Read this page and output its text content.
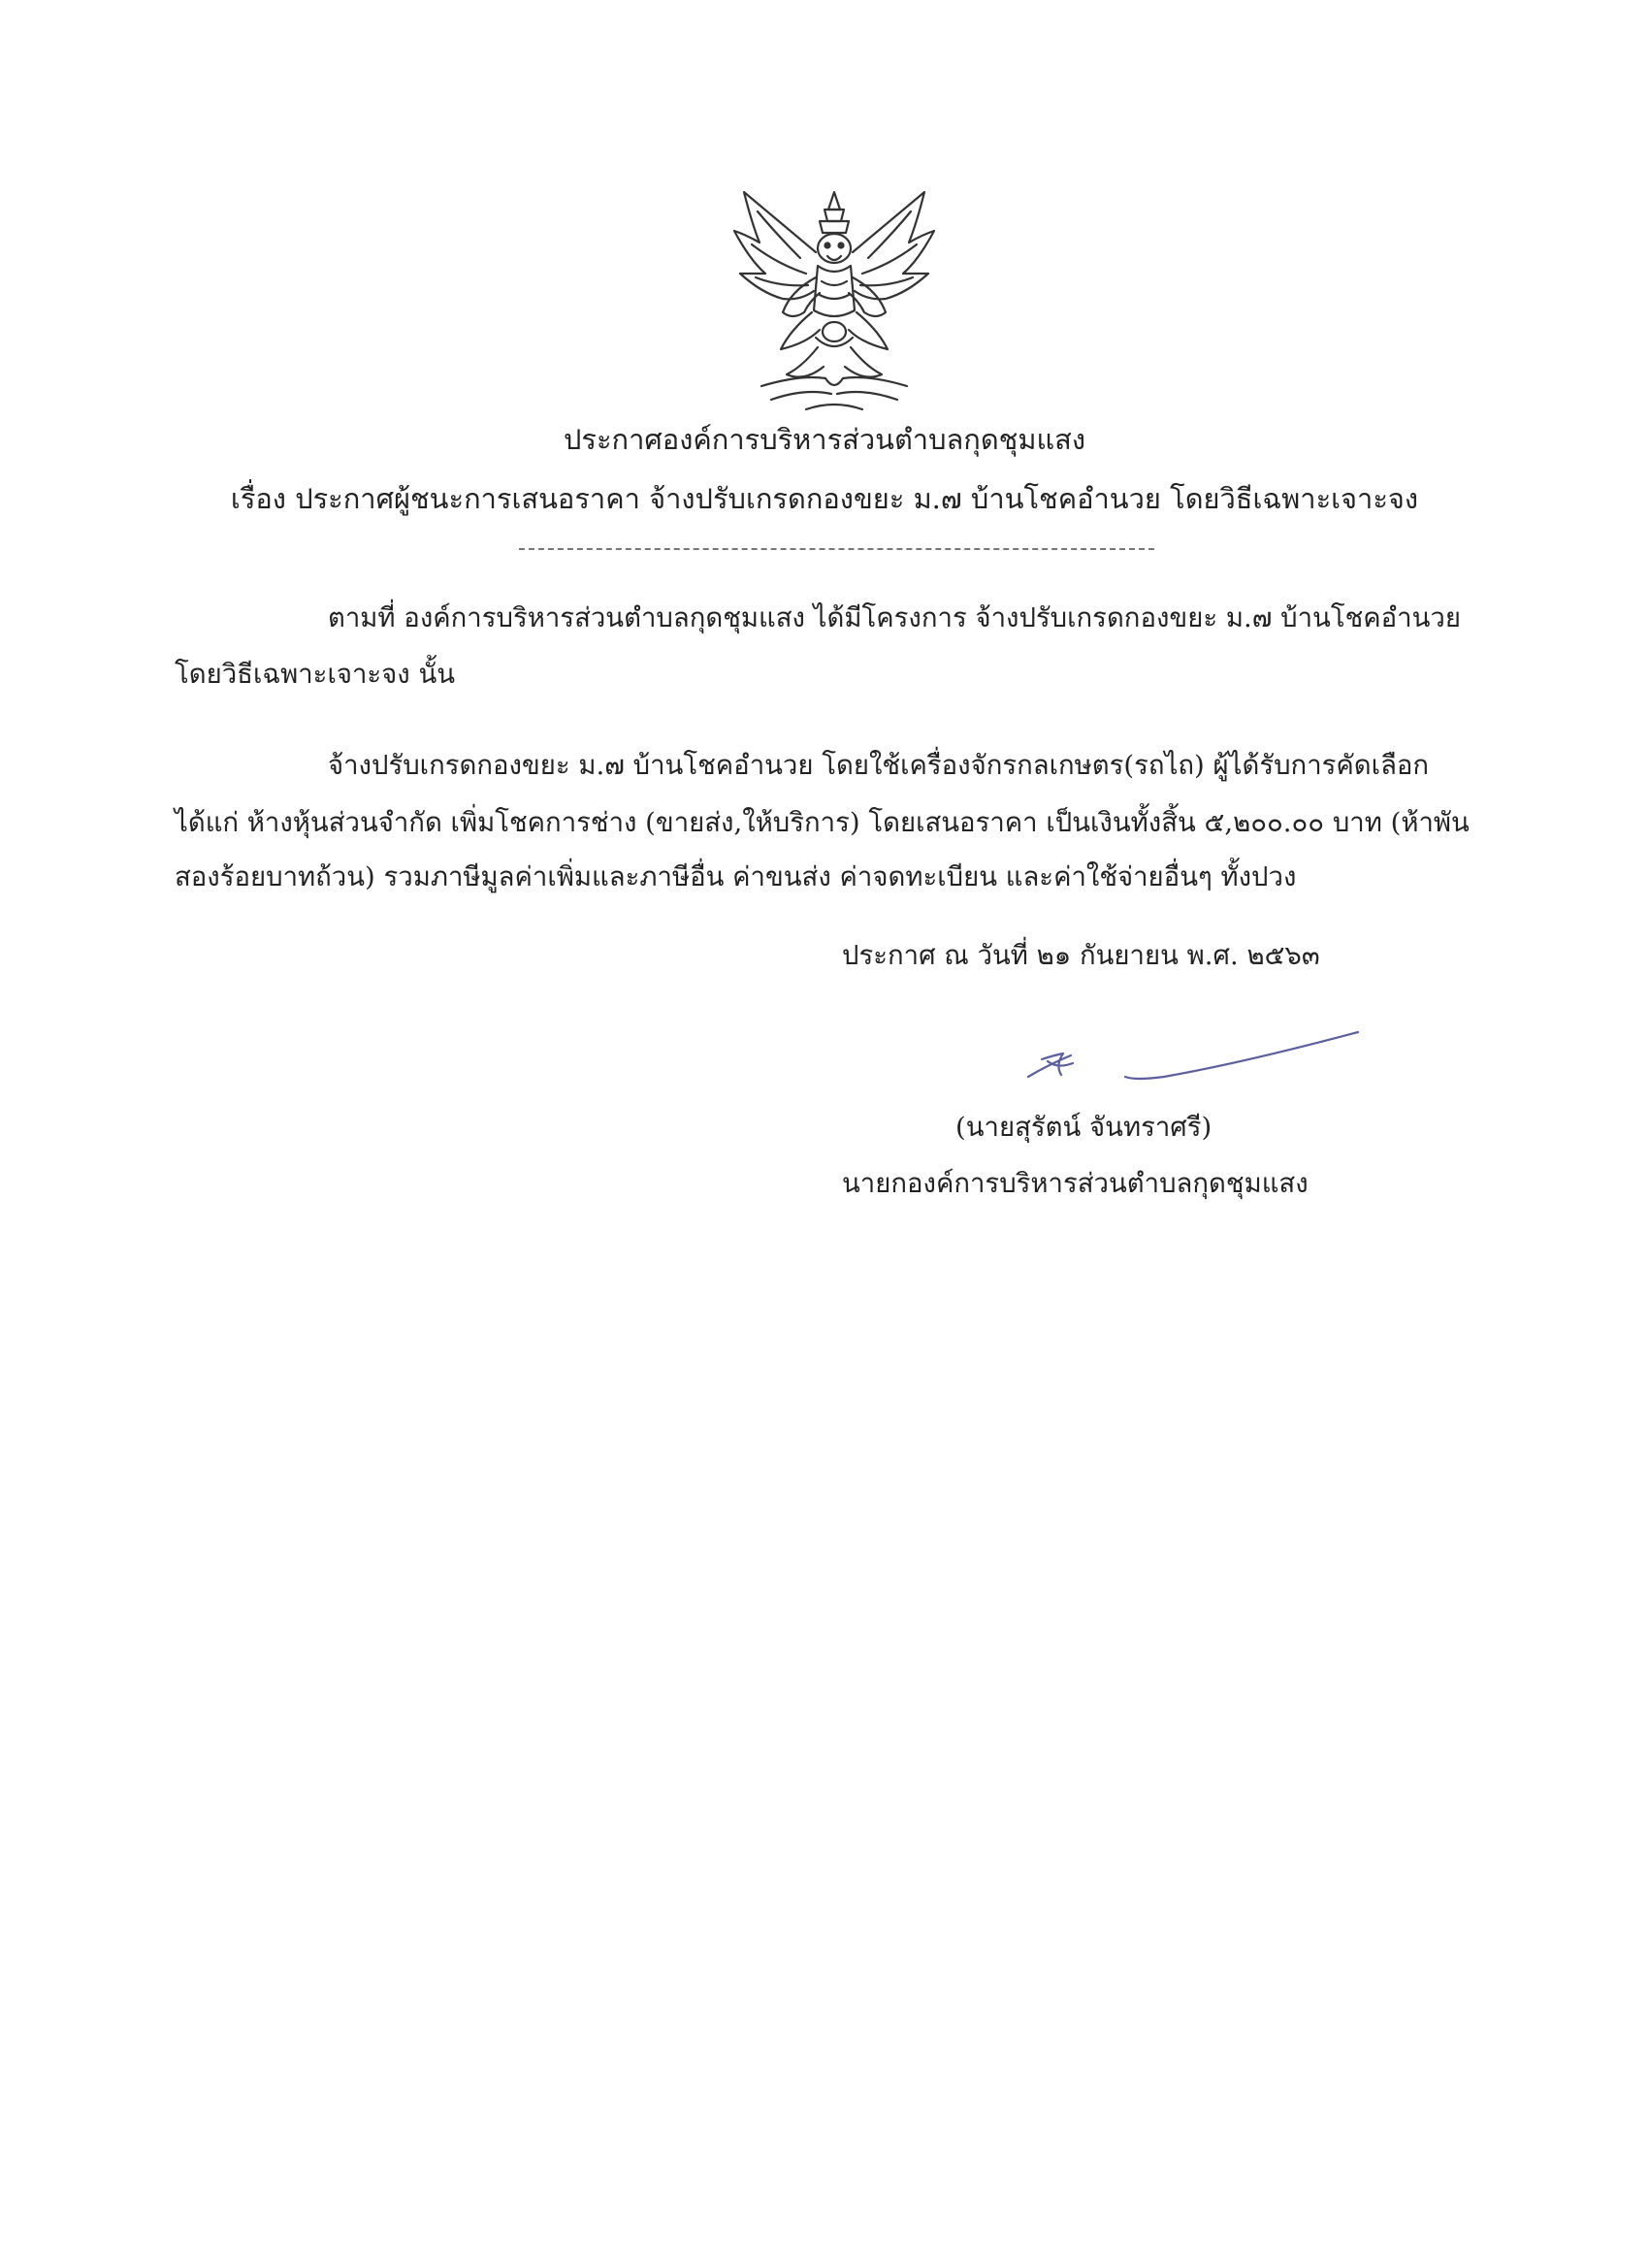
ประกาศองค์การบริหารส่วนตำบลกุดชุมแสง
เรื่อง ประกาศผู้ชนะการเสนอราคา จ้างปรับเกรดกองขยะ ม.๗ บ้านโชคอำนวย โดยวิธีเฉพาะเจาะจง
ตามที่ องค์การบริหารส่วนตำบลกุดชุมแสง ได้มีโครงการ จ้างปรับเกรดกองขยะ ม.๗ บ้านโชคอำนวย
โดยวิธีเฉพาะเจาะจง นั้น
จ้างปรับเกรดกองขยะ ม.๗ บ้านโชคอำนวย โดยใช้เครื่องจักรกลเกษตร(รถไถ) ผู้ได้รับการคัดเลือก
ได้แก่ ห้างหุ้นส่วนจำกัด เพิ่มโชคการช่าง (ขายส่ง,ให้บริการ) โดยเสนอราคา เป็นเงินทั้งสิ้น ๕,๒๐๐.๐๐ บาท (ห้าพัน
สองร้อยบาทถ้วน) รวมภาษีมูลค่าเพิ่มและภาษีอื่น ค่าขนส่ง ค่าจดทะเบียน และค่าใช้จ่ายอื่นๆ ทั้งปวง
ประกาศ ณ วันที่ ๒๑ กันยายน พ.ศ. ๒๕๖๓
(นายสุรัตน์ จันทราศรี)
นายกองค์การบริหารส่วนตำบลกุดชุมแสง
